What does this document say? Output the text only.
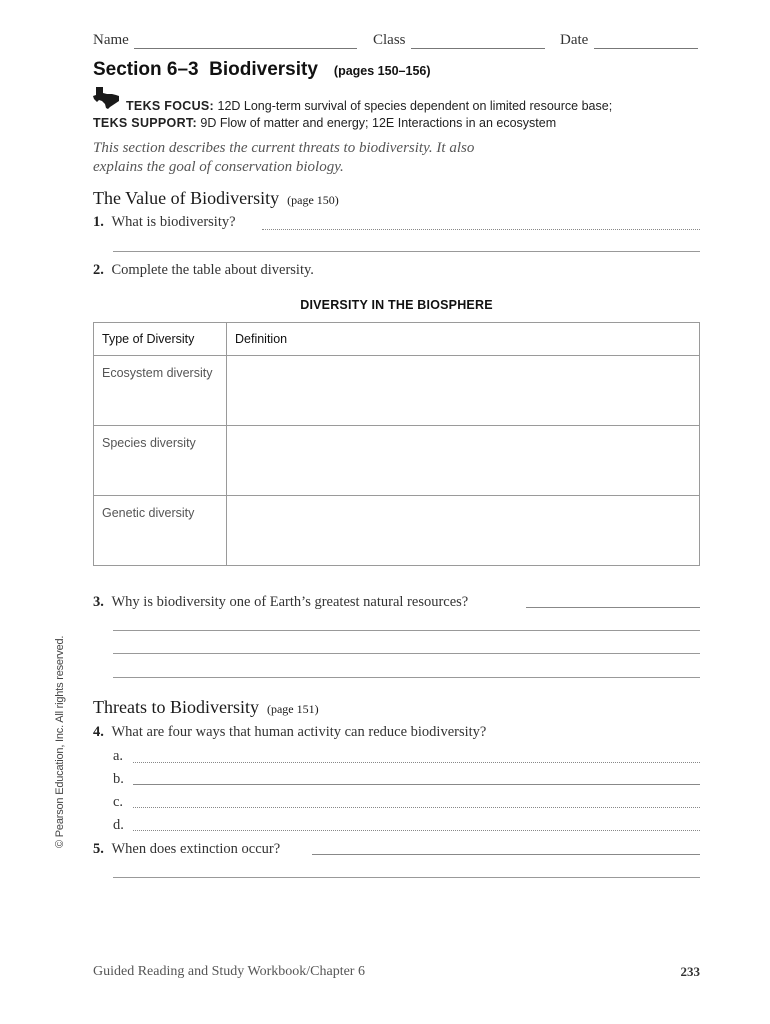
Name	Class	Date
Section 6–3  Biodiversity (pages 150–156)
TEKS FOCUS: 12D Long-term survival of species dependent on limited resource base;
TEKS SUPPORT: 9D Flow of matter and energy; 12E Interactions in an ecosystem
This section describes the current threats to biodiversity. It also
explains the goal of conservation biology.
The Value of Biodiversity (page 150)
1. What is biodiversity?
2. Complete the table about diversity.
DIVERSITY IN THE BIOSPHERE
Type of Diversity	Definition
Ecosystem diversity	
Species diversity	
Genetic diversity	
3. Why is biodiversity one of Earth’s greatest natural resources?
Threats to Biodiversity (page 151)
4. What are four ways that human activity can reduce biodiversity?
a.
b.
c.
d.
5. When does extinction occur?
© Pearson Education, Inc. All rights reserved.
Guided Reading and Study Workbook/Chapter 6	233
